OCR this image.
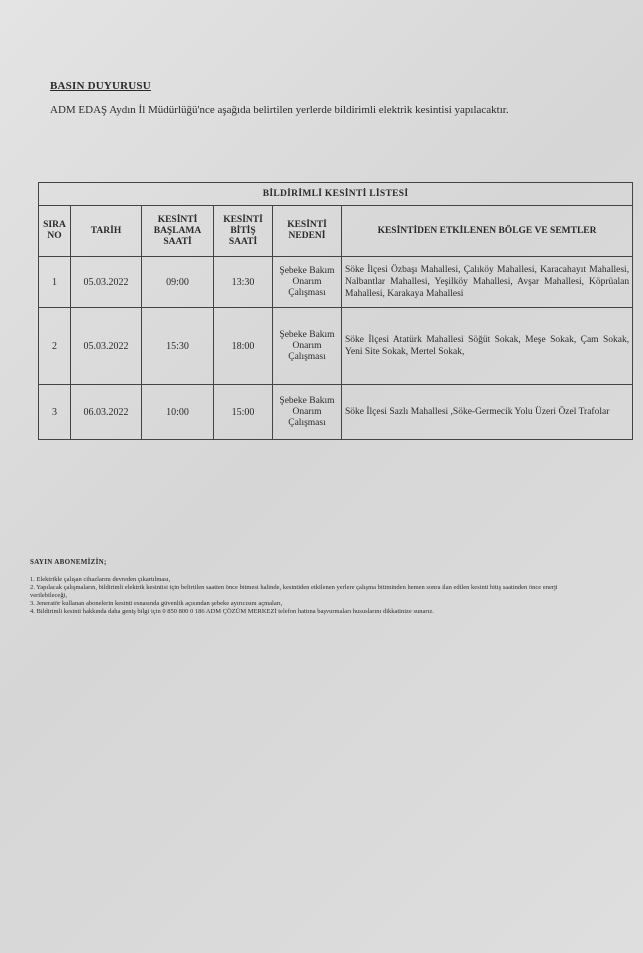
BASIN DUYURUSU
ADM EDAŞ Aydın İl Müdürlüğü'nce aşağıda belirtilen yerlerde bildirimli elektrik kesintisi yapılacaktır.
BİLDİRİMLİ KESİNTİ LİSTESİ					
SIRA NO	TARİH	KESİNTİ BAŞLAMA SAATİ	KESİNTİ BİTİŞ SAATİ	KESİNTİ NEDENİ	KESİNTİDEN ETKİLENEN BÖLGE VE SEMTLER
1	05.03.2022	09:00	13:30	Şebeke Bakım Onarım Çalışması	Söke İlçesi Özbaşı Mahallesi, Çalıköy Mahallesi, Karacahayıt Mahallesi, Nalbantlar Mahallesi, Yeşilköy Mahallesi, Avşar Mahallesi, Köprüalan Mahallesi, Karakaya Mahallesi
2	05.03.2022	15:30	18:00	Şebeke Bakım Onarım Çalışması	Söke İlçesi Atatürk Mahallesi Söğüt Sokak, Meşe Sokak, Çam Sokak, Yeni Site Sokak, Mertel Sokak,
3	06.03.2022	10:00	15:00	Şebeke Bakım Onarım Çalışması	Söke İlçesi Sazlı Mahallesi ,Söke-Germecik Yolu Üzeri Özel Trafolar
SAYIN ABONEMİZİN;
1. Elektrikle çalışan cihazlarını devreden çıkartılması,
2. Yapılacak çalışmaların, bildirimli elektrik kesintisi için belirtilen saatten önce bitmesi halinde, kesintiden etkilenen yerlere çalışma bitiminden hemen sonra ilan edilen kesinti bitiş saatinden önce enerji verilebileceği,
3. Jeneratör kullanan abonelerin kesinti esnasında güvenlik açısından şebeke ayırıcısını açmaları,
4. Bildirimli kesinti hakkında daha geniş bilgi için 0 850 800 0 186 ADM ÇÖZÜM MERKEZİ telefon hattına başvurmaları hususlarını dikkatinize sunarız.
